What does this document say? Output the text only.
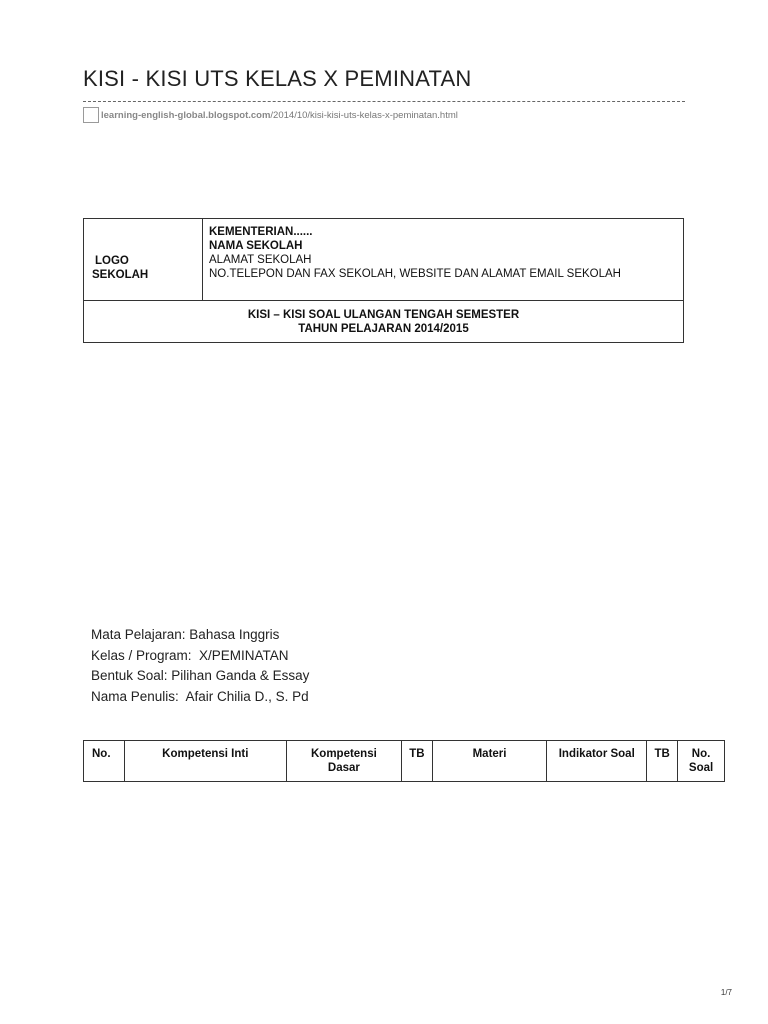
KISI - KISI UTS KELAS X PEMINATAN
learning-english-global.blogspot.com /2014/10/kisi-kisi-uts-kelas-x-peminatan.html
LOGO
SEKOLAH

KEMENTERIAN......
NAMA SEKOLAH
ALAMAT SEKOLAH
NO.TELEPON DAN FAX SEKOLAH, WEBSITE DAN ALAMAT EMAIL SEKOLAH

KISI – KISI SOAL ULANGAN TENGAH SEMESTER
TAHUN PELAJARAN 2014/2015
Mata Pelajaran: Bahasa Inggris
Kelas / Program:  X/PEMINATAN
Bentuk Soal: Pilihan Ganda & Essay
Nama Penulis:  Afair Chilia D., S. Pd
No.	Kompetensi Inti	Kompetensi Dasar	TB	Materi	Indikator Soal	TB	No. Soal
1/7
